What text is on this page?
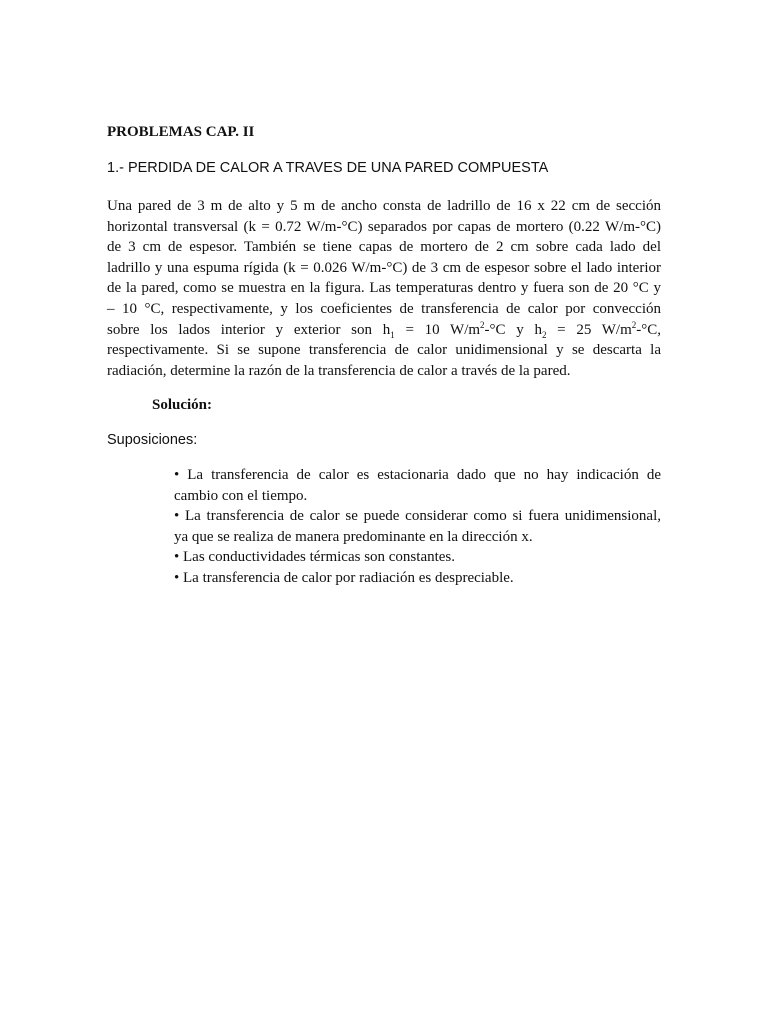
PROBLEMAS CAP. II

1.- PERDIDA DE CALOR A TRAVES DE UNA PARED COMPUESTA

Una pared de 3 m de alto y 5 m de ancho consta de ladrillo de 16 x 22 cm de sección
horizontal transversal (k = 0.72 W/m-°C) separados por capas de mortero (0.22 W/m-°C)
de 3 cm de espesor. También se tiene capas de mortero de 2 cm sobre cada lado del
ladrillo y una espuma rígida (k = 0.026 W/m-°C) de 3 cm de espesor sobre el lado interior
de la pared, como se muestra en la figura. Las temperaturas dentro y fuera son de 20 °C y
– 10 °C, respectivamente, y los coeficientes de transferencia de calor por convección
sobre los lados interior y exterior son $h_1 = 10$ $W/m^2-^\circ C$ y $h_2 = 25$ $W/m^2-^\circ C$,
respectivamente. Si se supone transferencia de calor unidimensional y se descarta la
radiación, determine la razón de la transferencia de calor a través de la pared.

Solución:

Suposiciones:

• La transferencia de calor es estacionaria dado que no hay indicación de
cambio con el tiempo.
• La transferencia de calor se puede considerar como si fuera unidimensional,
ya que se realiza de manera predominante en la dirección x.
• Las conductividades térmicas son constantes.
• La transferencia de calor por radiación es despreciable.
